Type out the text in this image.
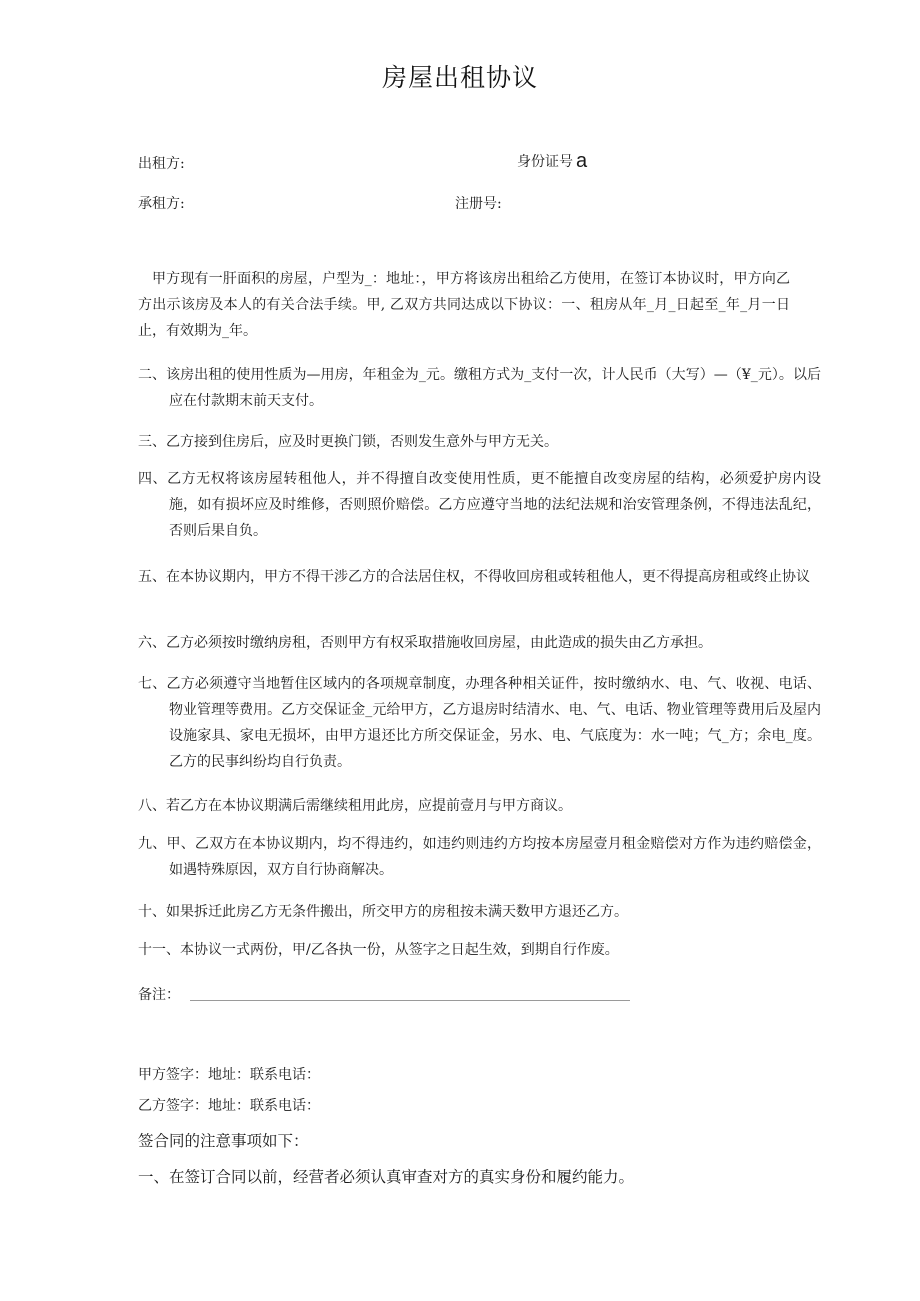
房屋出租协议
出租方:	身份证号 a
承租方:	注册号:
甲方现有一肝面积的房屋，户型为_：地址：，甲方将该房出租给乙方使用，在签订本协议时，甲方向乙方出示该房及本人的有关合法手续。甲, 乙双方共同达成以下协议：一、租房从年_月_日起至_年_月一日止，有效期为_年。
二、该房出租的使用性质为—用房，年租金为_元。缴租方式为_支付一次，计人民币（大写）—（¥_元）。以后应在付款期末前天支付。
三、乙方接到住房后，应及时更换门锁，否则发生意外与甲方无关。
四、乙方无权将该房屋转租他人，并不得擅自改变使用性质，更不能擅自改变房屋的结构，必须爱护房内设施，如有损坏应及时维修，否则照价赔偿。乙方应遵守当地的法纪法规和治安管理条例，不得违法乱纪，否则后果自负。
五、在本协议期内，甲方不得干涉乙方的合法居住权，不得收回房租或转租他人，更不得提高房租或终止协议
六、乙方必须按时缴纳房租，否则甲方有权采取措施收回房屋，由此造成的损失由乙方承担。
七、乙方必须遵守当地暂住区域内的各项规章制度，办理各种相关证件，按时缴纳水、电、气、收视、电话、物业管理等费用。乙方交保证金_元给甲方，乙方退房时结清水、电、气、电话、物业管理等费用后及屋内设施家具、家电无损坏，由甲方退还比方所交保证金，另水、电、气底度为：水一吨；气_方；余电_度。乙方的民事纠纷均自行负责。
八、若乙方在本协议期满后需继续租用此房，应提前壹月与甲方商议。
九、甲、乙双方在本协议期内，均不得违约，如违约则违约方均按本房屋壹月租金赔偿对方作为违约赔偿金，如遇特殊原因，双方自行协商解决。
十、如果拆迁此房乙方无条件搬出，所交甲方的房租按未满天数甲方退还乙方。
十一、本协议一式两份，甲/乙各执一份，从签字之日起生效，到期自行作废。
备注：
甲方签字：地址：联系电话：
乙方签字：地址：联系电话：
签合同的注意事项如下：
一、在签订合同以前，经营者必须认真审查对方的真实身份和履约能力。
